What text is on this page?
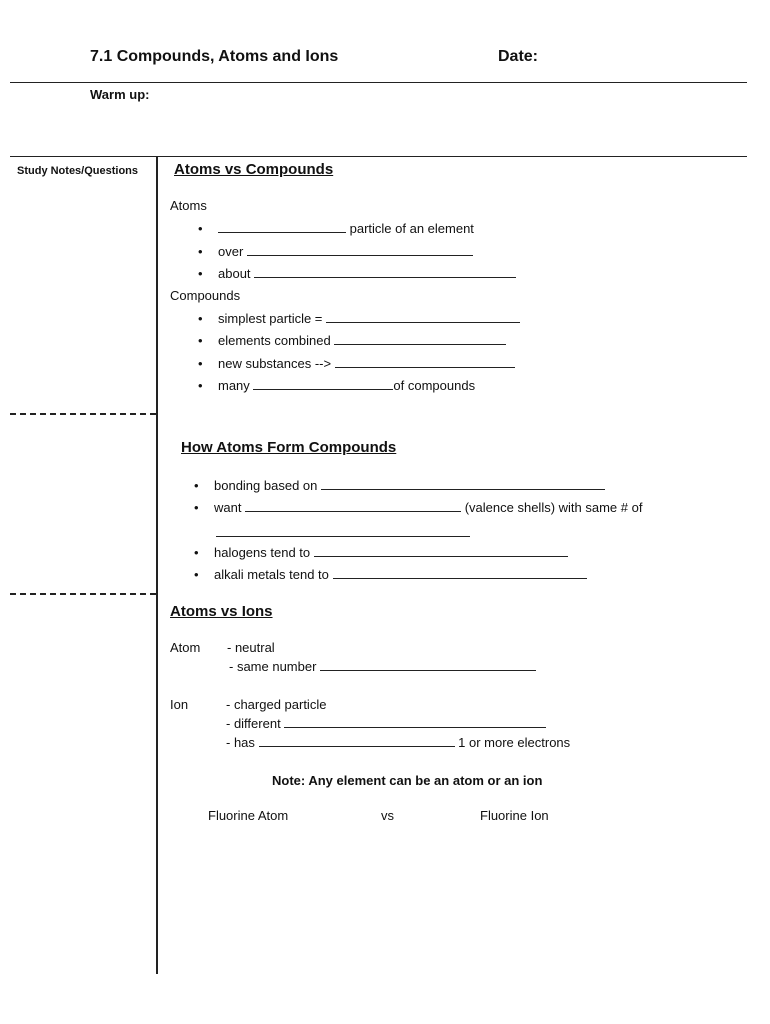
7.1 Compounds, Atoms and Ions	Date:
Warm up:
Study Notes/Questions Atoms vs Compounds
Atoms
•	particle of an element
• over
• about
Compounds
• simplest particle =
• elements combined
• new substances -->
• many	of compounds
How Atoms Form Compounds
• bonding based on
• want	(valence shells) with same # of
• halogens tend to
• alkali metals tend to
Atoms vs Ions
Atom - neutral
- same number
Ion	- charged particle
- different
- has	1 or more electrons
Note: Any element can be an atom or an ion
Fluorine Atom	vs	Fluorine Ion
